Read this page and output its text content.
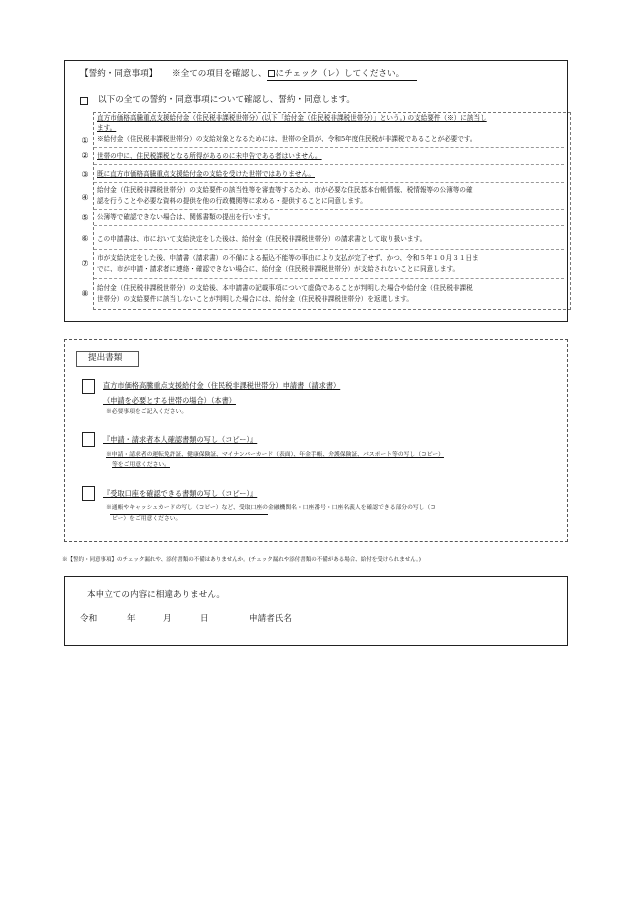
【誓約・同意事項】 ※全ての項目を確認し、 にチェック（レ）してください。
以下の全ての誓約・同意事項について確認し、誓約・同意します。
①
直方市価格高騰重点支援給付金（住民税非課税世帯分）(以下「給付金（住民税非課税世帯分）」という。) の支給要件（※）に該当し
ます。
※給付金（住民税非課税世帯分）の支給対象となるためには、世帯の全員が、令和5年度住民税が非課税であることが必要です。
②	世帯の中に、住民税課税となる所得があるのに未申告である者はいません。
③	既に直方市価格高騰重点支援給付金の支給を受けた世帯ではありません。
④
給付金（住民税非課税世帯分）の支給要件の該当性等を審査等するため、市が必要な住民基本台帳情報、税情報等の公簿等の確
認を行うことや必要な資料の提供を他の行政機関等に求める・提供することに同意します。
⑤	公簿等で確認できない場合は、関係書類の提出を行います。
⑥	この申請書は、市において支給決定をした後は、給付金（住民税非課税世帯分）の請求書として取り扱います。
⑦
市が支給決定をした後、申請書（請求書）の不備による振込不能等の事由により支払が完了せず、かつ、令和５年１０月３１日ま
でに、市が申請・請求者に連絡・確認できない場合に、給付金（住民税非課税世帯分）が支給されないことに同意します。
⑧
給付金（住民税非課税世帯分）の支給後、本申請書の記載事項について虚偽であることが判明した場合や給付金（住民税非課税
世帯分）の支給要件に該当しないことが判明した場合には、給付金（住民税非課税世帯分）を返還します。
提出書類
直方市価格高騰重点支援給付金（住民税非課税世帯分）申請書（請求書）
（申請を必要とする世帯の場合）（本書）
※必要事項をご記入ください。
『申請・請求者本人確認書類の写し（コピー）』
※申請・請求者の運転免許証、健康保険証、マイナンバーカード（表面）、年金手帳、介護保険証、パスポート等の写し（コピー）
等をご用意ください。
『受取口座を確認できる書類の写し（コピー）』
※通帳やキャッシュカードの写し（コピー）など、受取口座の金融機関名・口座番号・口座名義人を確認できる部分の写し（コ
ピー）をご用意ください。
※【誓約・同意事項】のチェック漏れや、添付書類の不備はありませんか。(チェック漏れや添付書類の不備がある場合、給付を受けられません。)
本申立ての内容に相違ありません。
令和	年	月	日	申請者氏名
